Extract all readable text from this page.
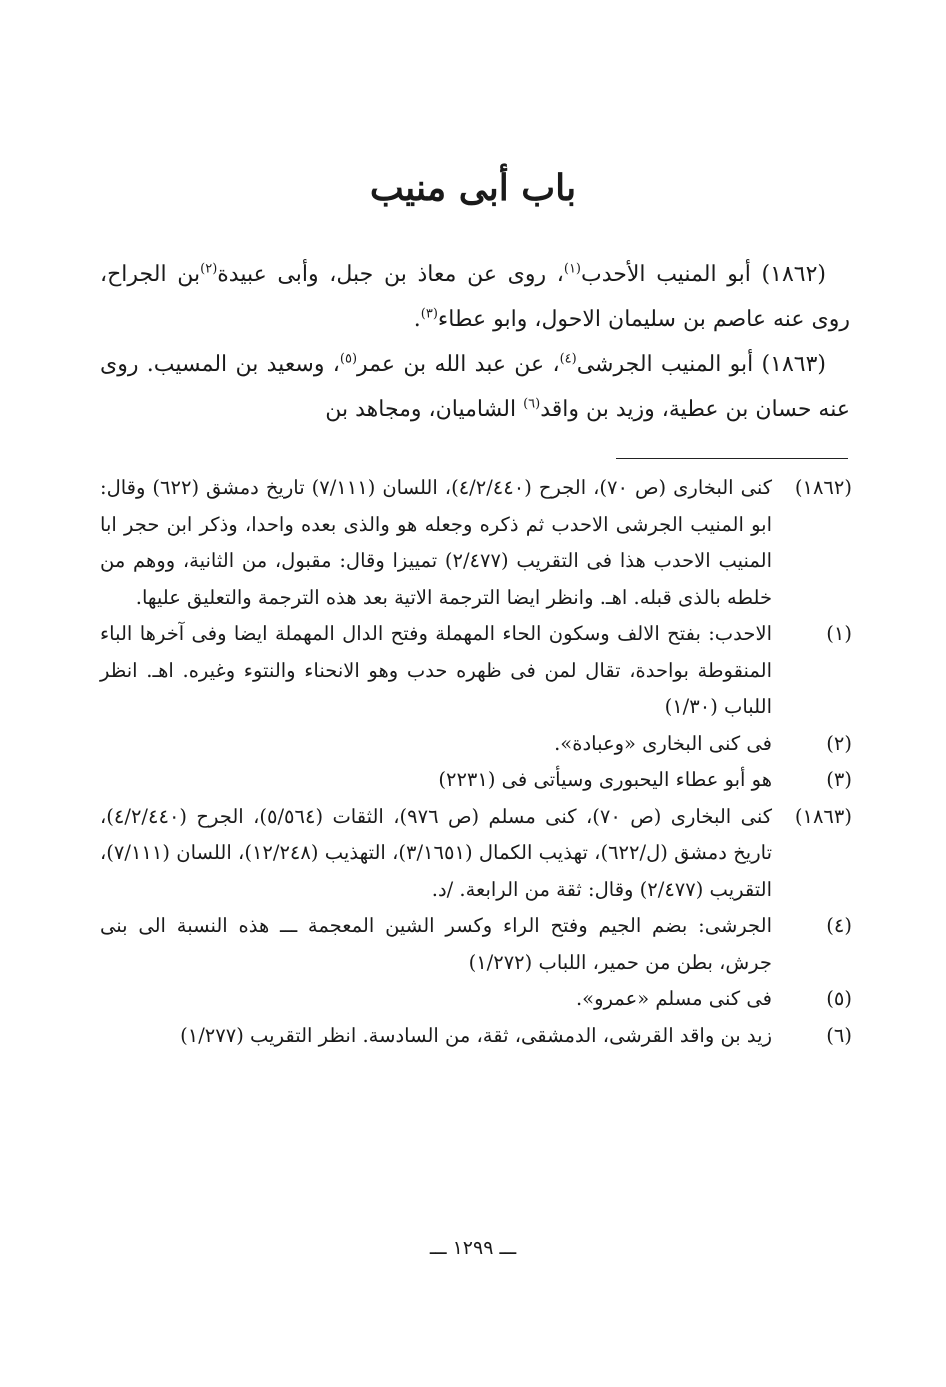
باب أبى منيب

(١٨٦٢) أبو المنيب الأحدب$^{(١)}$، روى عن معاذ بن جبل، وأبى عبيدة$^{(٢)}$بن الجراح، روى عنه عاصم بن سليمان الاحول، وابو عطاء$^{(٣)}$.

(١٨٦٣) أبو المنيب الجرشى$^{(٤)}$، عن عبد الله بن عمر$^{(٥)}$، وسعيد بن المسيب. روى عنه حسان بن عطية، وزيد بن واقد$^{(٦)}$ الشاميان، ومجاهد بن

(١٨٦٢)
كنى البخارى (ص ٧٠)، الجرح (٤/٢/٤٤٠)، اللسان (٧/١١١) تاريخ دمشق (٦٢٢) وقال: ابو المنيب الجرشى الاحدب ثم ذكره وجعله هو والذى بعده واحدا، وذكر ابن حجر ابا المنيب الاحدب هذا فى التقريب (٢/٤٧٧) تمييزا وقال: مقبول، من الثانية، ووهم من خلطه بالذى قبله. اهـ. وانظر ايضا الترجمة الاتية بعد هذه الترجمة والتعليق عليها.
(١)
الاحدب: بفتح الالف وسكون الحاء المهملة وفتح الدال المهملة ايضا وفى آخرها الباء المنقوطة بواحدة، تقال لمن فى ظهره حدب وهو الانحناء والنتوء وغيره. اهـ. انظر اللباب (١/٣٠)
(٢)
فى كنى البخارى «وعبادة».
(٣)
هو أبو عطاء اليحبورى وسيأتى فى (٢٢٣١)
(١٨٦٣)
كنى البخارى (ص ٧٠)، كنى مسلم (ص ٩٧٦)، الثقات (٥/٥٦٤)، الجرح (٤/٢/٤٤٠)، تاريخ دمشق (ل/٦٢٢)، تهذيب الكمال (٣/١٦٥١)، التهذيب (١٢/٢٤٨)، اللسان (٧/١١١)، التقريب (٢/٤٧٧) وقال: ثقة من الرابعة. /د.
(٤)
الجرشى: بضم الجيم وفتح الراء وكسر الشين المعجمة ـــ هذه النسبة الى بنى جرش، بطن من حمير، اللباب (١/٢٧٢)
(٥)
فى كنى مسلم «عمرو».
(٦)
زيد بن واقد القرشى، الدمشقى، ثقة، من السادسة. انظر التقريب (١/٢٧٧)
ـــ ١٢٩٩ ـــ
